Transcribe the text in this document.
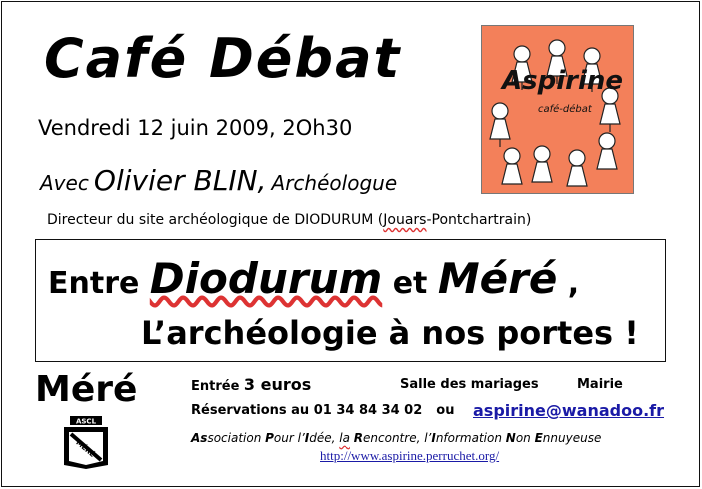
Café Débat
Vendredi 12 juin 2009, 2Oh30
Avec Olivier BLIN, Archéologue
Directeur du site archéologique de DIODURUM (Jouars-Pontchartrain)
Aspirine
café-débat
Entre Diodurum et Méré ,
L’archéologie à nos portes !
Méré
ASCL
MÉRÉ
Entrée 3 euros	Salle des mariages	Mairie
Réservations au 01 34 84 34 02 ou aspirine@wanadoo.fr
Association Pour l’Idée, la Rencontre, l’Information Non Ennuyeuse
http://www.aspirine.perruchet.org/
